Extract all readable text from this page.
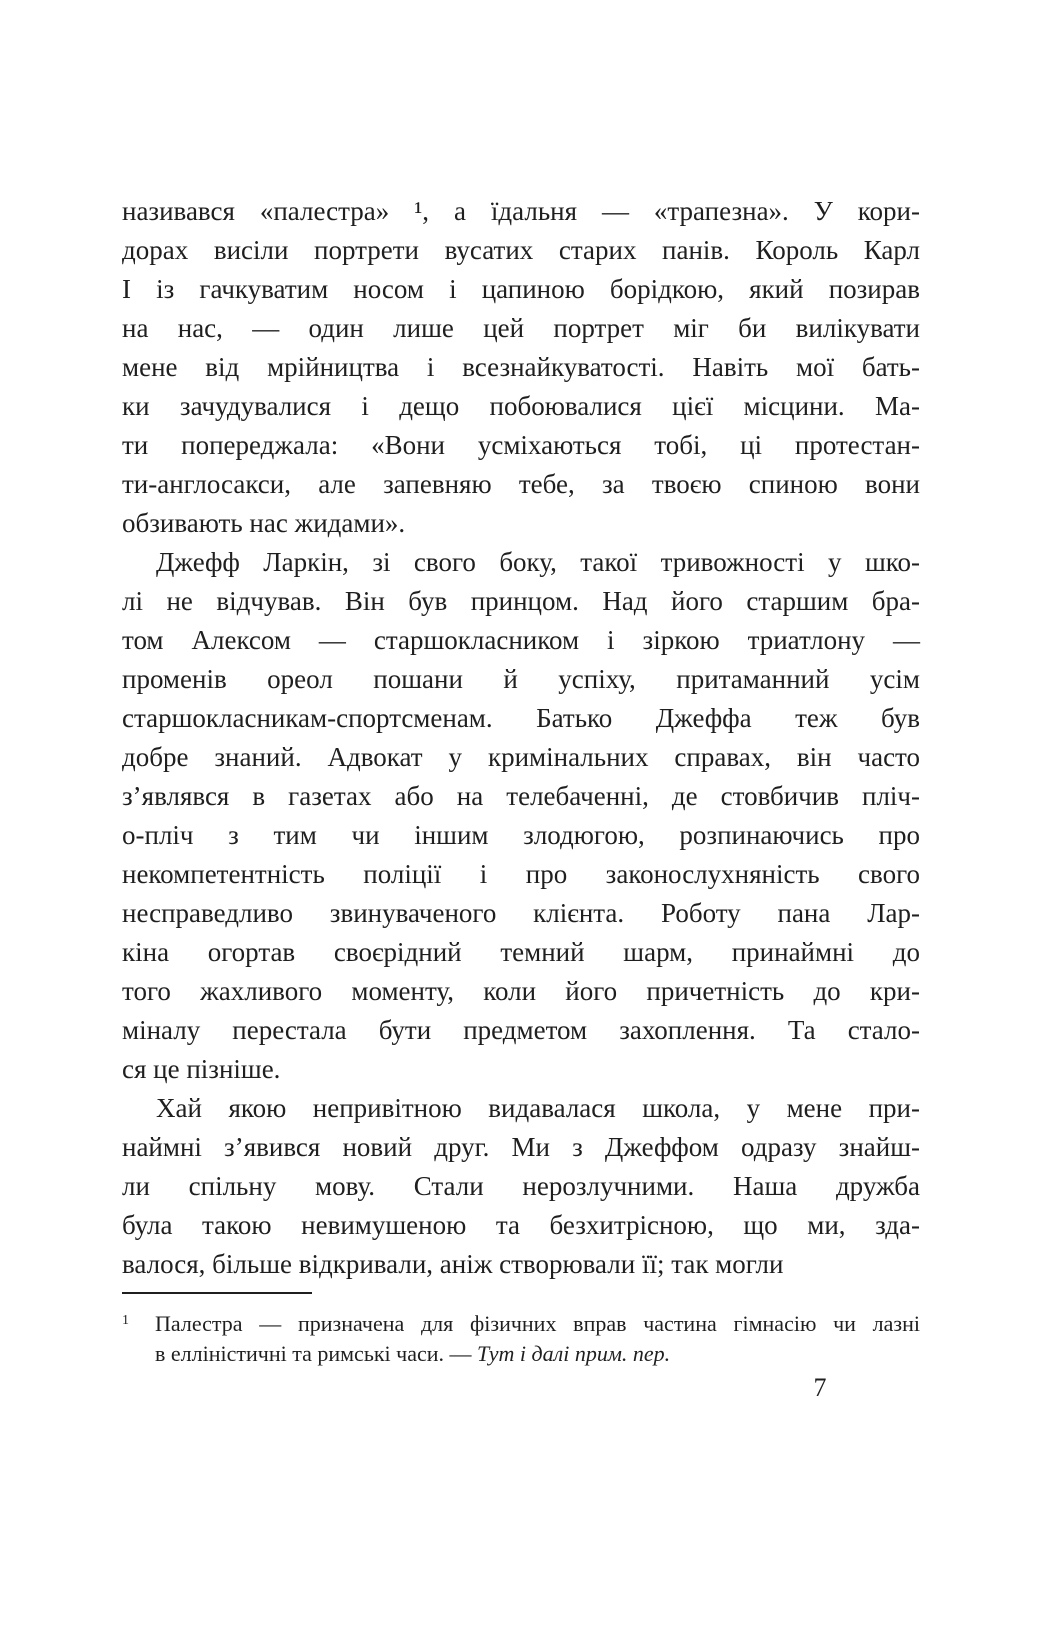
називався «палестра» ¹, а їдальня — «трапезна». У кори-
дорах висіли портрети вусатих старих панів. Король Карл
I із гачкуватим носом і цапиною борідкою, який позирав
на нас, — один лише цей портрет міг би вилікувати
мене від мрійництва і всезнайкуватості. Навіть мої бать-
ки зачудувалися і дещо побоювалися цієї місцини. Ма-
ти попереджала: «Вони усміхаються тобі, ці протестан-
ти-англосакси, але запевняю тебе, за твоєю спиною вони
обзивають нас жидами».
Джефф Ларкін, зі свого боку, такої тривожності у шко-
лі не відчував. Він був принцом. Над його старшим бра-
том Алексом — старшокласником і зіркою триатлону —
променів ореол пошани й успіху, притаманний усім
старшокласникам-спортсменам. Батько Джеффа теж був
добре знаний. Адвокат у кримінальних справах, він часто
з’являвся в газетах або на телебаченні, де стовбичив пліч-
о-пліч з тим чи іншим злодюгою, розпинаючись про
некомпетентність поліції і про законослухняність свого
несправедливо звинуваченого клієнта. Роботу пана Лар-
кіна огортав своєрідний темний шарм, принаймні до
того жахливого моменту, коли його причетність до кри-
міналу перестала бути предметом захоплення. Та стало-
ся це пізніше.
Хай якою непривітною видавалася школа, у мене при-
наймні з’явився новий друг. Ми з Джеффом одразу знайш-
ли спільну мову. Стали нерозлучними. Наша дружба
була такою невимушеною та безхитрісною, що ми, зда-
валося, більше відкривали, аніж створювали її; так могли
1 Палестра — призначена для фізичних вправ частина гімнасію чи лазні
в елліністичні та римські часи. — Тут і далі прим. пер.
7
